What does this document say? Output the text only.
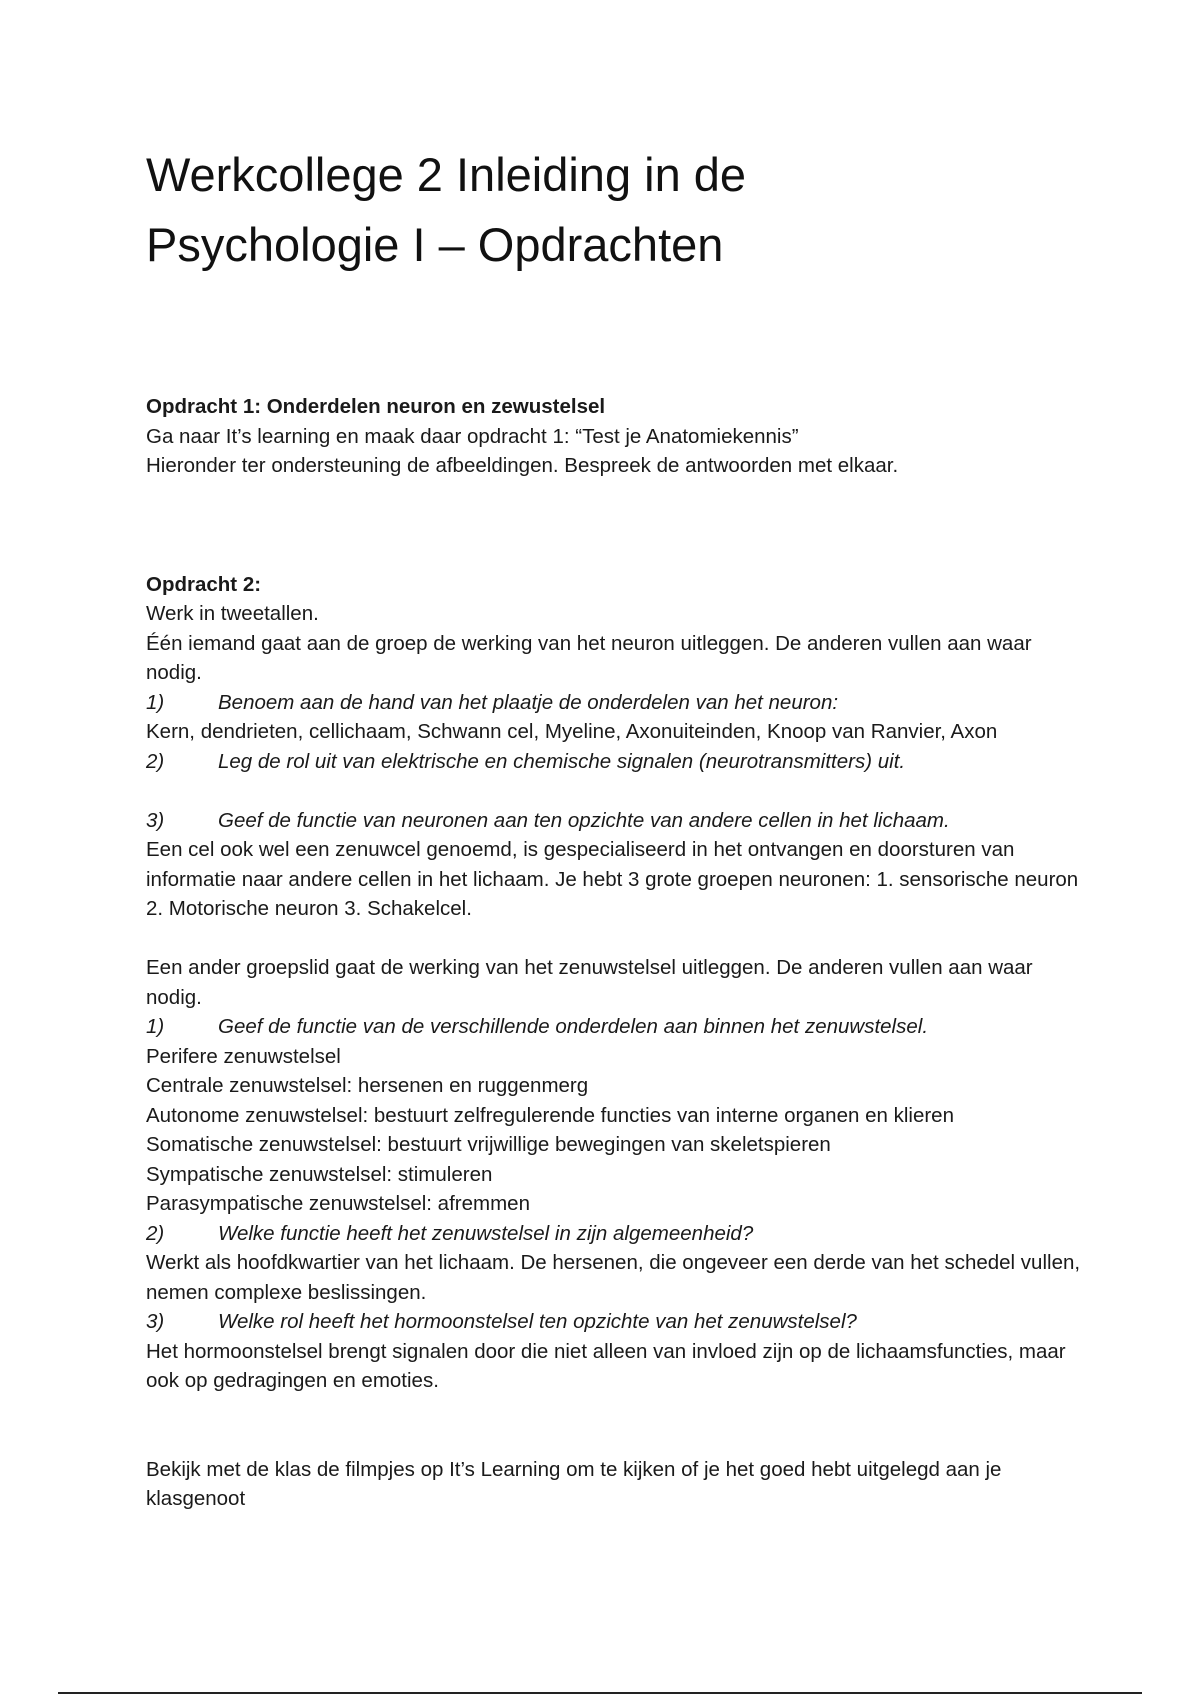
Werkcollege 2 Inleiding in de
Psychologie I – Opdrachten

Opdracht 1: Onderdelen neuron en zewustelsel

Ga naar It’s learning en maak daar opdracht 1: “Test je Anatomiekennis”

Hieronder ter ondersteuning de afbeeldingen. Bespreek de antwoorden met elkaar.

Opdracht 2:

Werk in tweetallen.

Één iemand gaat aan de groep de werking van het neuron uitleggen. De anderen vullen aan waar nodig.

1)	Benoem aan de hand van het plaatje de onderdelen van het neuron:

Kern, dendrieten, cellichaam, Schwann cel, Myeline, Axonuiteinden, Knoop van Ranvier, Axon

2)	Leg de rol uit van elektrische en chemische signalen (neurotransmitters) uit.
3)	Geef de functie van neuronen aan ten opzichte van andere cellen in het lichaam.

Een cel ook wel een zenuwcel genoemd, is gespecialiseerd in het ontvangen en doorsturen van informatie naar andere cellen in het lichaam. Je hebt 3 grote groepen neuronen: 1. sensorische neuron 2. Motorische neuron 3. Schakelcel.

Een ander groepslid gaat de werking van het zenuwstelsel uitleggen. De anderen vullen aan waar nodig.

1)	Geef de functie van de verschillende onderdelen aan binnen het zenuwstelsel.

Perifere zenuwstelsel

Centrale zenuwstelsel: hersenen en ruggenmerg

Autonome zenuwstelsel: bestuurt zelfregulerende functies van interne organen en klieren

Somatische zenuwstelsel: bestuurt vrijwillige bewegingen van skeletspieren

Sympatische zenuwstelsel: stimuleren

Parasympatische zenuwstelsel: afremmen

2)	Welke functie heeft het zenuwstelsel in zijn algemeenheid?

Werkt als hoofdkwartier van het lichaam. De hersenen, die ongeveer een derde van het schedel vullen, nemen complexe beslissingen.

3)	Welke rol heeft het hormoonstelsel ten opzichte van het zenuwstelsel?

Het hormoonstelsel brengt signalen door die niet alleen van invloed zijn op de lichaamsfuncties, maar ook op gedragingen en emoties.

Bekijk met de klas de filmpjes op It’s Learning om te kijken of je het goed hebt uitgelegd aan je klasgenoot
